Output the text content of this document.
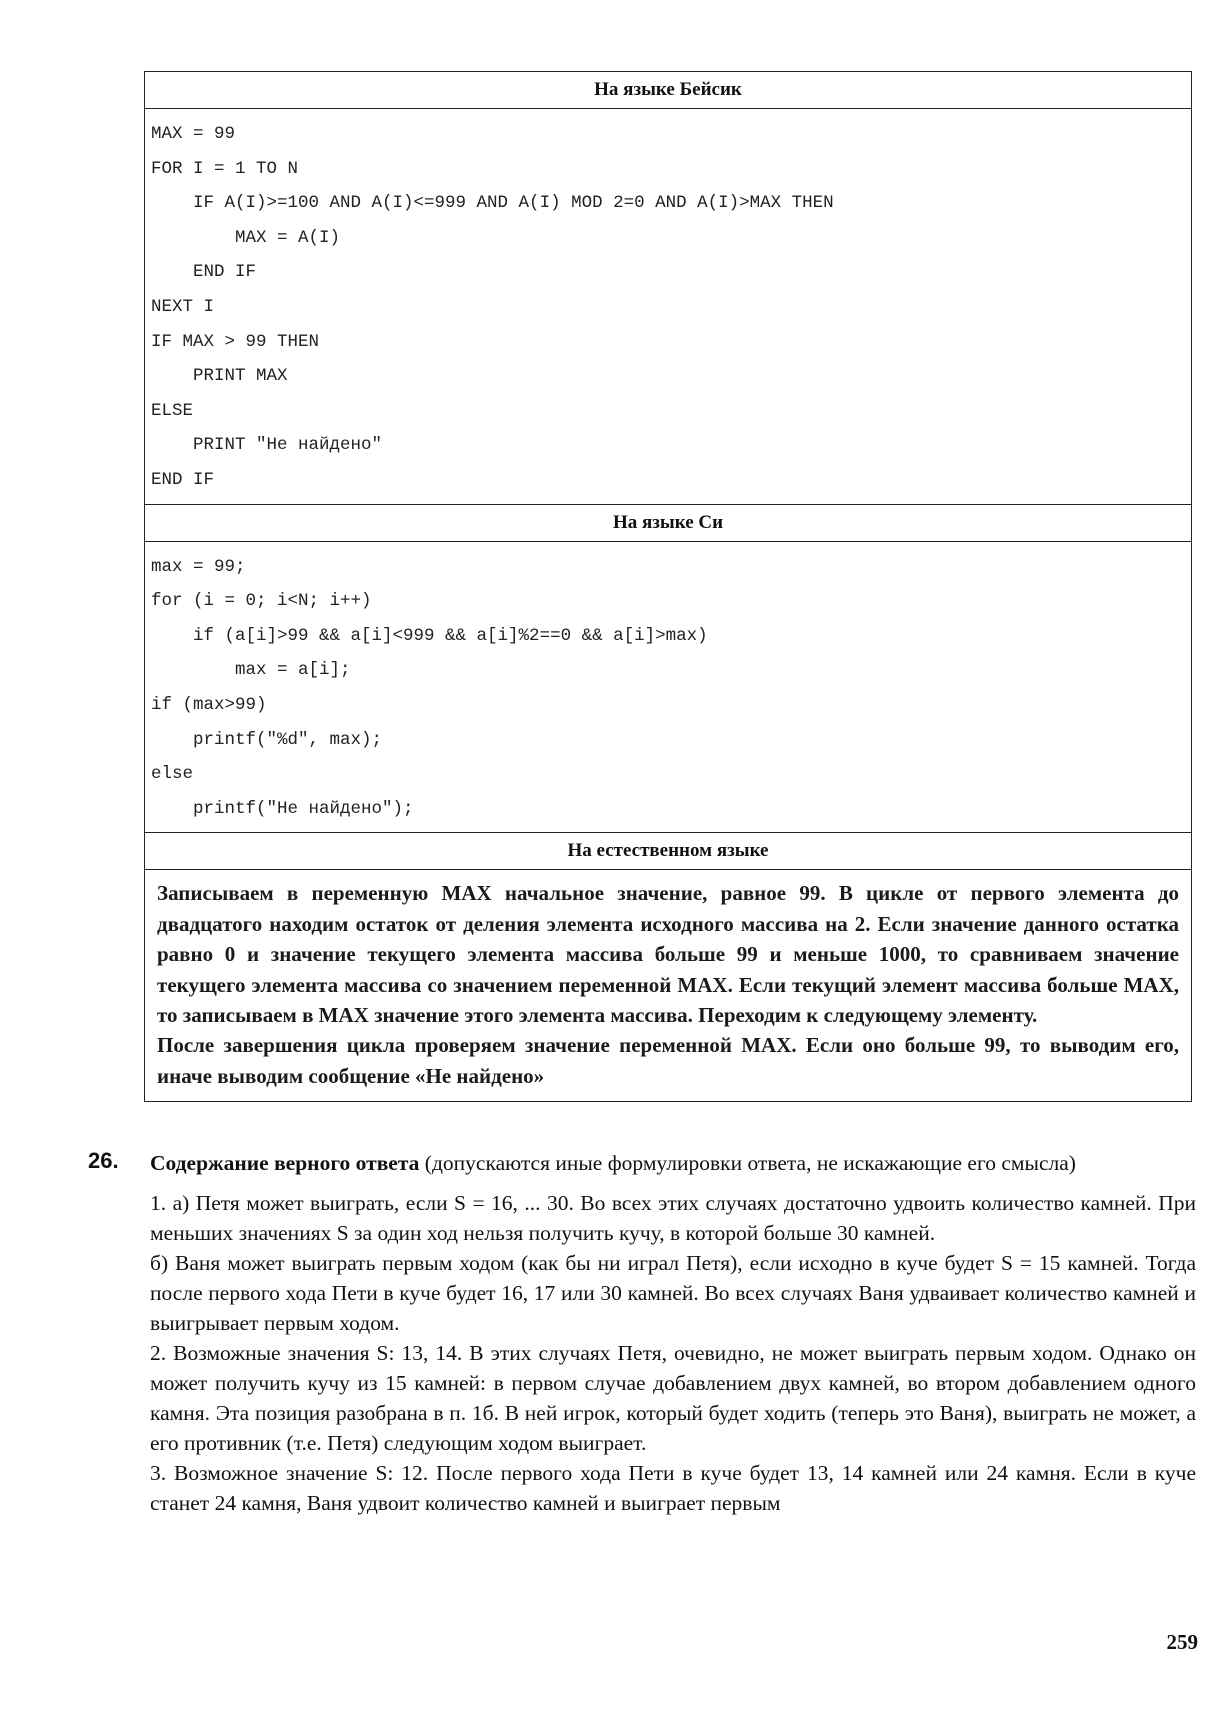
На языке Бейсик
MAX = 99
FOR I = 1 TO N
IF A(I)>=100 AND A(I)<=999 AND A(I) MOD 2=0 AND A(I)>MAX THEN
MAX = A(I)
END IF
NEXT I
IF MAX > 99 THEN
PRINT MAX
ELSE
PRINT "Не найдено"
END IF
На языке Си
max = 99;
for (i = 0; i<N; i++)
if (a[i]>99 && a[i]<999 && a[i]%2==0 && a[i]>max)
max = a[i];
if (max>99)
printf("%d", max);
else
printf("Не найдено");
На естественном языке

Записываем в переменную MAX начальное значение, равное 99. В цикле от первого элемента до двадцатого находим остаток от деления элемента исходного массива на 2. Если значение данного остатка равно 0 и значение текущего элемента массива больше 99 и меньше 1000, то сравниваем значение текущего элемента массива со значением переменной MAX. Если текущий элемент массива больше MAX, то записываем в MAX значение этого элемента массива. Переходим к следующему элементу.

После завершения цикла проверяем значение переменной MAX. Если оно больше 99, то выводим его, иначе выводим сообщение «Не найдено»

26. Содержание верного ответа (допускаются иные формулировки ответа, не искажающие его смысла)

1. а) Петя может выиграть, если S = 16, ... 30. Во всех этих случаях достаточно удвоить количество камней. При меньших значениях S за один ход нельзя получить кучу, в которой больше 30 камней.

б) Ваня может выиграть первым ходом (как бы ни играл Петя), если исходно в куче будет S = 15 камней. Тогда после первого хода Пети в куче будет 16, 17 или 30 камней. Во всех случаях Ваня удваивает количество камней и выигрывает первым ходом.

2. Возможные значения S: 13, 14. В этих случаях Петя, очевидно, не может выиграть первым ходом. Однако он может получить кучу из 15 камней: в первом случае добавлением двух камней, во втором добавлением одного камня. Эта позиция разобрана в п. 1б. В ней игрок, который будет ходить (теперь это Ваня), выиграть не может, а его противник (т.е. Петя) следующим ходом выиграет.

3. Возможное значение S: 12. После первого хода Пети в куче будет 13, 14 камней или 24 камня. Если в куче станет 24 камня, Ваня удвоит количество камней и выиграет первым

259
